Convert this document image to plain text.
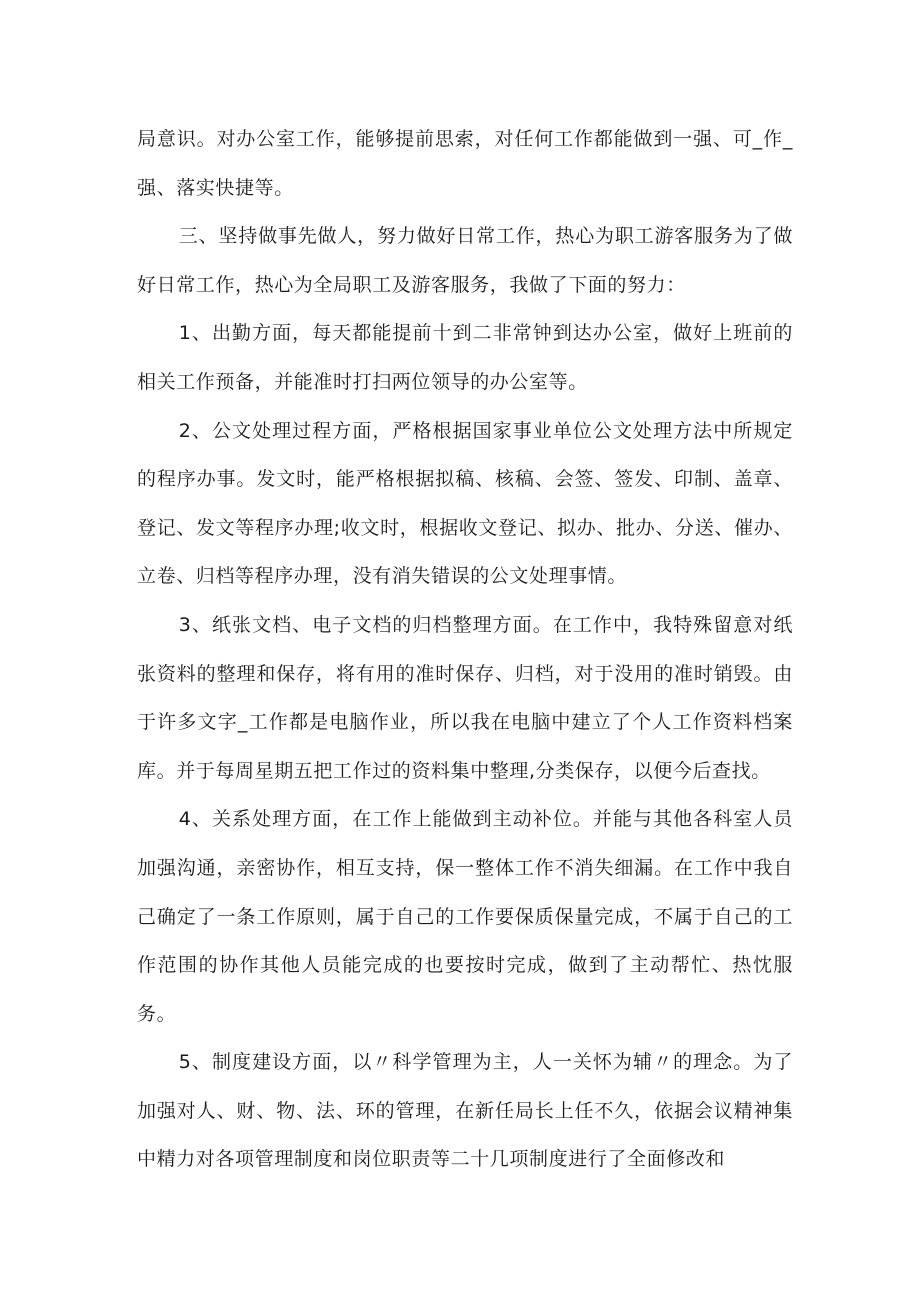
局意识。对办公室工作，能够提前思索，对任何工作都能做到一强、可_作_强、落实快捷等。

三、坚持做事先做人，努力做好日常工作，热心为职工游客服务为了做好日常工作，热心为全局职工及游客服务，我做了下面的努力：

1、出勤方面，每天都能提前十到二非常钟到达办公室，做好上班前的相关工作预备，并能准时打扫两位领导的办公室等。

2、公文处理过程方面，严格根据国家事业单位公文处理方法中所规定的程序办事。发文时，能严格根据拟稿、核稿、会签、签发、印制、盖章、登记、发文等程序办理;收文时，根据收文登记、拟办、批办、分送、催办、立卷、归档等程序办理，没有消失错误的公文处理事情。

3、纸张文档、电子文档的归档整理方面。在工作中，我特殊留意对纸张资料的整理和保存，将有用的准时保存、归档，对于没用的准时销毁。由于许多文字_工作都是电脑作业，所以我在电脑中建立了个人工作资料档案库。并于每周星期五把工作过的资料集中整理,分类保存，以便今后查找。

4、关系处理方面，在工作上能做到主动补位。并能与其他各科室人员加强沟通，亲密协作，相互支持，保一整体工作不消失细漏。在工作中我自己确定了一条工作原则，属于自己的工作要保质保量完成，不属于自己的工作范围的协作其他人员能完成的也要按时完成，做到了主动帮忙、热忱服务。

5、制度建设方面，以〃科学管理为主，人一关怀为辅〃的理念。为了加强对人、财、物、法、环的管理，在新任局长上任不久，依据会议精神集中精力对各项管理制度和岗位职责等二十几项制度进行了全面修改和
